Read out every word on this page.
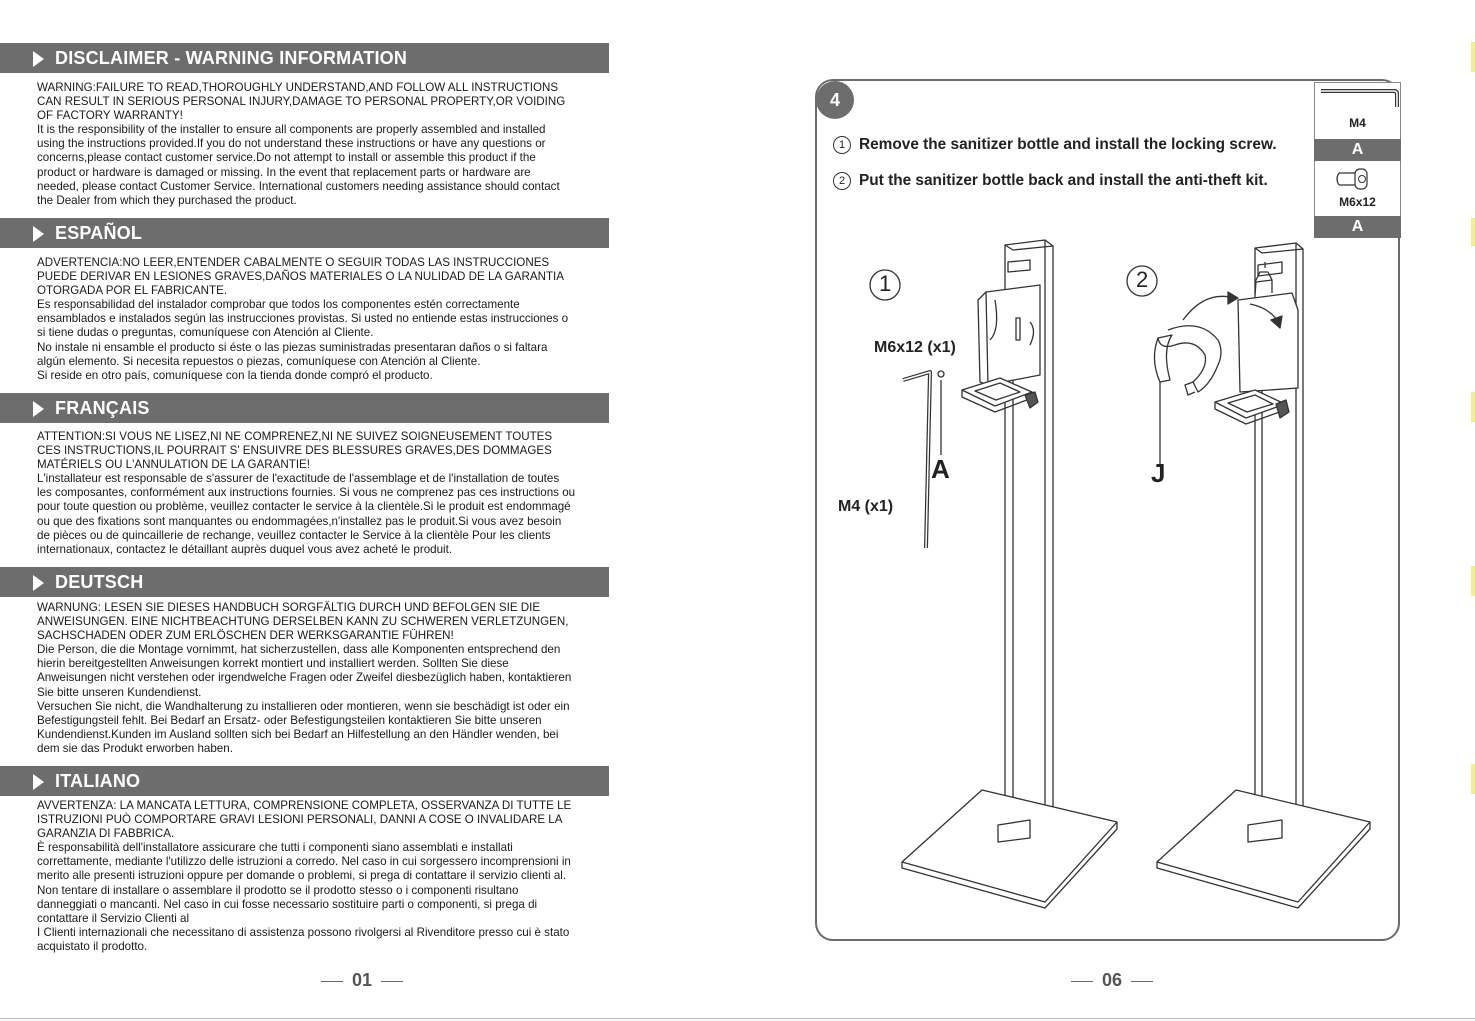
DISCLAIMER - WARNING INFORMATION

WARNING:FAILURE TO READ,THOROUGHLY UNDERSTAND,AND FOLLOW ALL INSTRUCTIONS

CAN RESULT IN SERIOUS PERSONAL INJURY,DAMAGE TO PERSONAL PROPERTY,OR VOIDING

OF FACTORY WARRANTY!

It is the responsibility of the installer to ensure all components are properly assembled and installed

using the instructions provided.If you do not understand these instructions or have any questions or

concerns,please contact customer service.Do not attempt to install or assemble this product if the

product or hardware is damaged or missing. In the event that replacement parts or hardware are

needed, please contact Customer Service. International customers needing assistance should contact

the Dealer from which they purchased the product.

ESPAÑOL

ADVERTENCIA:NO LEER,ENTENDER CABALMENTE O SEGUIR TODAS LAS INSTRUCCIONES

PUEDE DERIVAR EN LESIONES GRAVES,DAÑOS MATERIALES O LA NULIDAD DE LA GARANTIA

OTORGADA POR EL FABRICANTE.

Es responsabilidad del instalador comprobar que todos los componentes estén correctamente

ensamblados e instalados según las instrucciones provistas. Si usted no entiende estas instrucciones o

si tiene dudas o preguntas, comuníquese con Atención al Cliente.

No instale ni ensamble el producto si éste o las piezas suministradas presentaran daños o si faltara

algún elemento. Si necesita repuestos o piezas, comuníquese con Atención al Cliente.

Si reside en otro país, comuníquese con la tienda donde compró el producto.

FRANÇAIS

ATTENTION:SI VOUS NE LISEZ,NI NE COMPRENEZ,NI NE SUIVEZ SOIGNEUSEMENT TOUTES

CES INSTRUCTIONS,IL POURRAIT S' ENSUIVRE DES BLESSURES GRAVES,DES DOMMAGES

MATÉRIELS OU L'ANNULATION DE LA GARANTIE!

L'installateur est responsable de s'assurer de l'exactitude de l'assemblage et de l'installation de toutes

les composantes, conformément aux instructions fournies. Si vous ne comprenez pas ces instructions ou

pour toute question ou problème, veuillez contacter le service à la clientèle.Si le produit est endommagé

ou que des fixations sont manquantes ou endommagées,n'installez pas le produit.Si vous avez besoin

de pièces ou de quincaillerie de rechange, veuillez contacter le Service à la clientèle Pour les clients

internationaux, contactez le détaillant auprès duquel vous avez acheté le produit.

DEUTSCH

WARNUNG: LESEN SIE DIESES HANDBUCH SORGFÄLTIG DURCH UND BEFOLGEN SIE DIE

ANWEISUNGEN. EINE NICHTBEACHTUNG DERSELBEN KANN ZU SCHWEREN VERLETZUNGEN,

SACHSCHADEN ODER ZUM ERLÖSCHEN DER WERKSGARANTIE FÜHREN!

Die Person, die die Montage vornimmt, hat sicherzustellen, dass alle Komponenten entsprechend den

hierin bereitgestellten Anweisungen korrekt montiert und installiert werden. Sollten Sie diese

Anweisungen nicht verstehen oder irgendwelche Fragen oder Zweifel diesbezüglich haben, kontaktieren

Sie bitte unseren Kundendienst.

Versuchen Sie nicht, die Wandhalterung zu installieren oder montieren, wenn sie beschädigt ist oder ein

Befestigungsteil fehlt. Bei Bedarf an Ersatz- oder Befestigungsteilen kontaktieren Sie bitte unseren

Kundendienst.Kunden im Ausland sollten sich bei Bedarf an Hilfestellung an den Händler wenden, bei

dem sie das Produkt erworben haben.

ITALIANO

AVVERTENZA: LA MANCATA LETTURA, COMPRENSIONE COMPLETA, OSSERVANZA DI TUTTE LE

ISTRUZIONI PUÒ COMPORTARE GRAVI LESIONI PERSONALI, DANNI A COSE O INVALIDARE LA

GARANZIA DI FABBRICA.

È responsabilità dell'installatore assicurare che tutti i componenti siano assemblati e installati

correttamente, mediante l'utilizzo delle istruzioni a corredo. Nel caso in cui sorgessero incomprensioni in

merito alle presenti istruzioni oppure per domande o problemi, si prega di contattare il servizio clienti al.

Non tentare di installare o assemblare il prodotto se il prodotto stesso o i componenti risultano

danneggiati o mancanti. Nel caso in cui fosse necessario sostituire parti o componenti, si prega di

contattare il Servizio Clienti al

I Clienti internazionali che necessitano di assistenza possono rivolgersi al Rivenditore presso cui è stato

acquistato il prodotto.

01
4
1 Remove the sanitizer bottle and install the locking screw.
2 Put the sanitizer bottle back and install the anti-theft kit.
M4
A
M6x12
A
1	2
M6x12 (x1)
M4 (x1)
A	J
06
